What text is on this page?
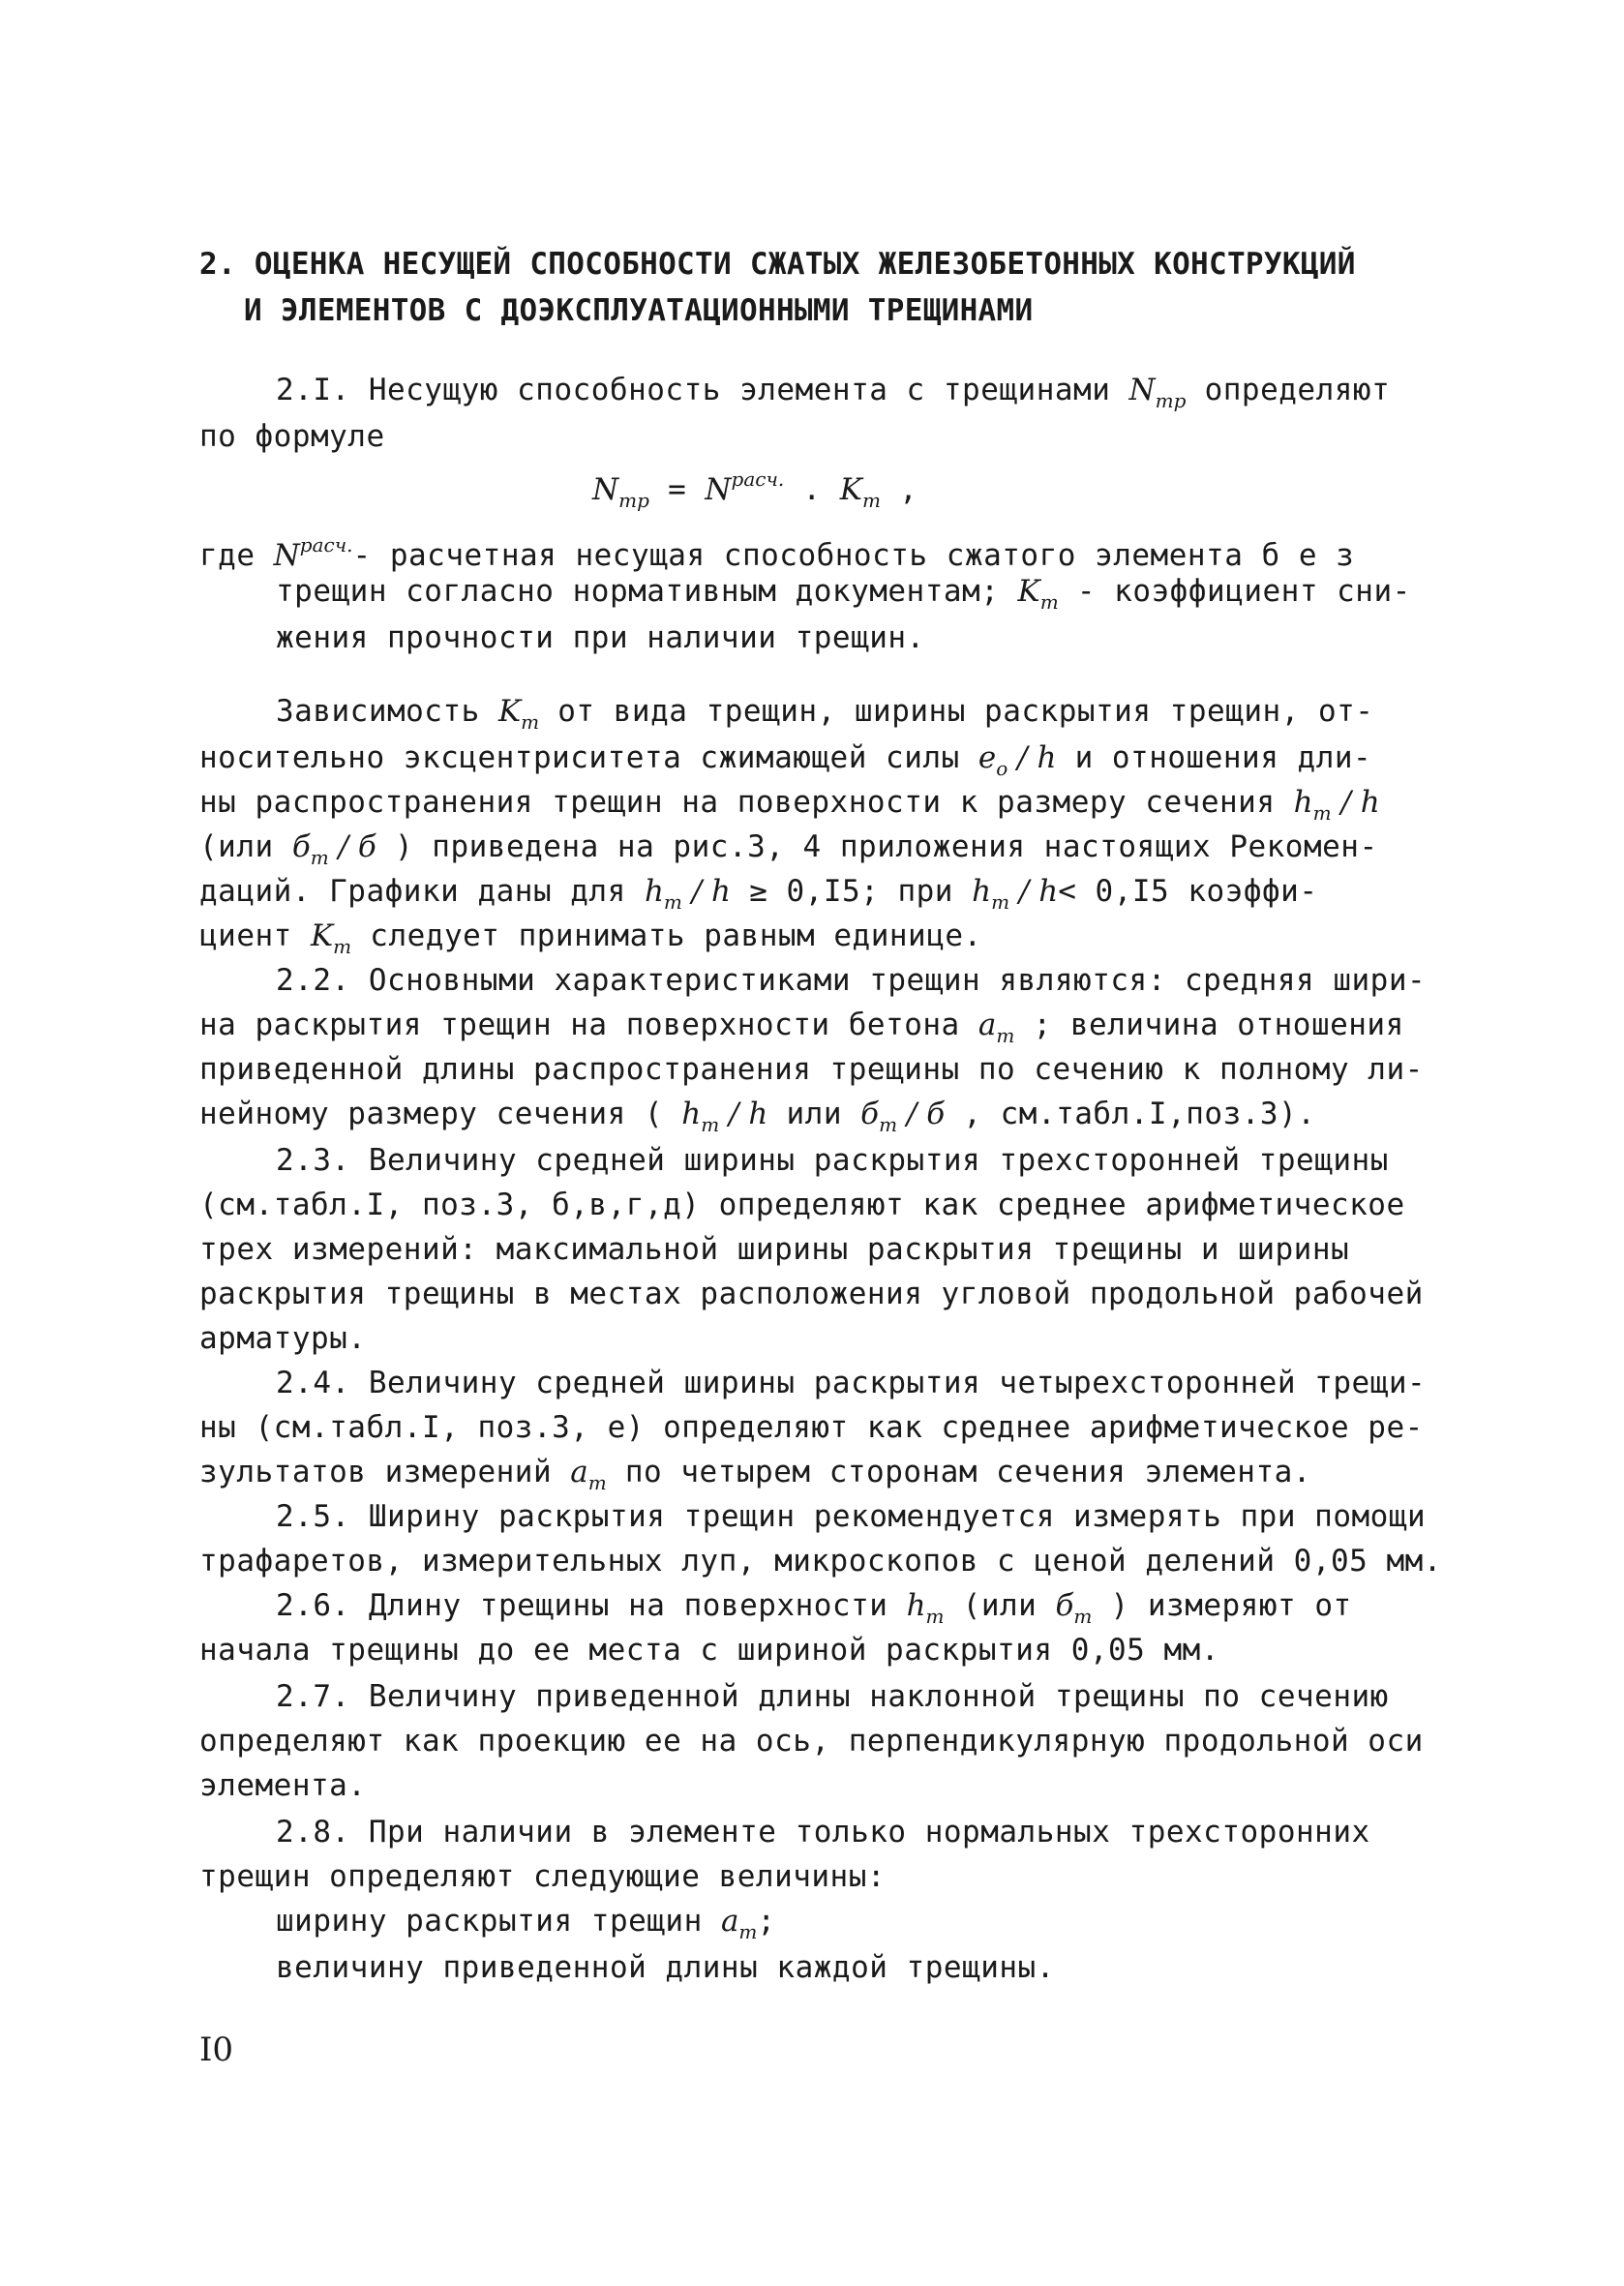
2. ОЦЕНКА НЕСУЩЕЙ СПОСОБНОСТИ СЖАТЫХ ЖЕЛЕЗОБЕТОННЫХ КОНСТРУКЦИЙ
И ЭЛЕМЕНТОВ С ДОЭКСПЛУАТАЦИОННЫМИ ТРЕЩИНАМИ
2.I. Несущую способность элемента с трещинами $N_{тр}$ определяют
по формуле
$N_{тр} = N^{расч.}$ . $K_т$ ,
где $N^{расч.}-$ расчетная несущая способность сжатого элемента б е з
трещин согласно нормативным документам; $K_т$ - коэффициент сни-
жения прочности при наличии трещин.
Зависимость $K_т$ от вида трещин, ширины раскрытия трещин, от-
носительно эксцентриситета сжимающей силы $e_o$ / h и отношения дли-
ны распространения трещин на поверхности к размеру сечения $h_т$ / h
(или $б_т$ / б ) приведена на рис.3, 4 приложения настоящих Рекомен-
даций. Графики даны для $h_т / h \ge 0,I5$; при $h_т / h< 0,I5$ коэффи-
циент $K_т$ следует принимать равным единице.
2.2. Основными характеристиками трещин являются: средняя шири-
на раскрытия трещин на поверхности бетона $a_т$ ; величина отношения
приведенной длины распространения трещины по сечению к полному ли-
нейному размеру сечения ( $h_т$ / h или $б_т$ / б , см.табл.I,поз.3).
2.3. Величину средней ширины раскрытия трехсторонней трещины
(см.табл.I, поз.3, б,в,г,д) определяют как среднее арифметическое
трех измерений: максимальной ширины раскрытия трещины и ширины
раскрытия трещины в местах расположения угловой продольной рабочей
арматуры.
2.4. Величину средней ширины раскрытия четырехсторонней трещи-
ны (см.табл.I, поз.3, е) определяют как среднее арифметическое ре-
зультатов измерений $a_т$ по четырем сторонам сечения элемента.
2.5. Ширину раскрытия трещин рекомендуется измерять при помощи
трафаретов, измерительных луп, микроскопов с ценой делений 0,05 мм.
2.6. Длину трещины на поверхности $h_т$ (или $б_т$ ) измеряют от
начала трещины до ее места с шириной раскрытия 0,05 мм.
2.7. Величину приведенной длины наклонной трещины по сечению
определяют как проекцию ее на ось, перпендикулярную продольной оси
элемента.
2.8. При наличии в элементе только нормальных трехсторонних
трещин определяют следующие величины:
ширину раскрытия трещин $a_т$;
величину приведенной длины каждой трещины.
I0
